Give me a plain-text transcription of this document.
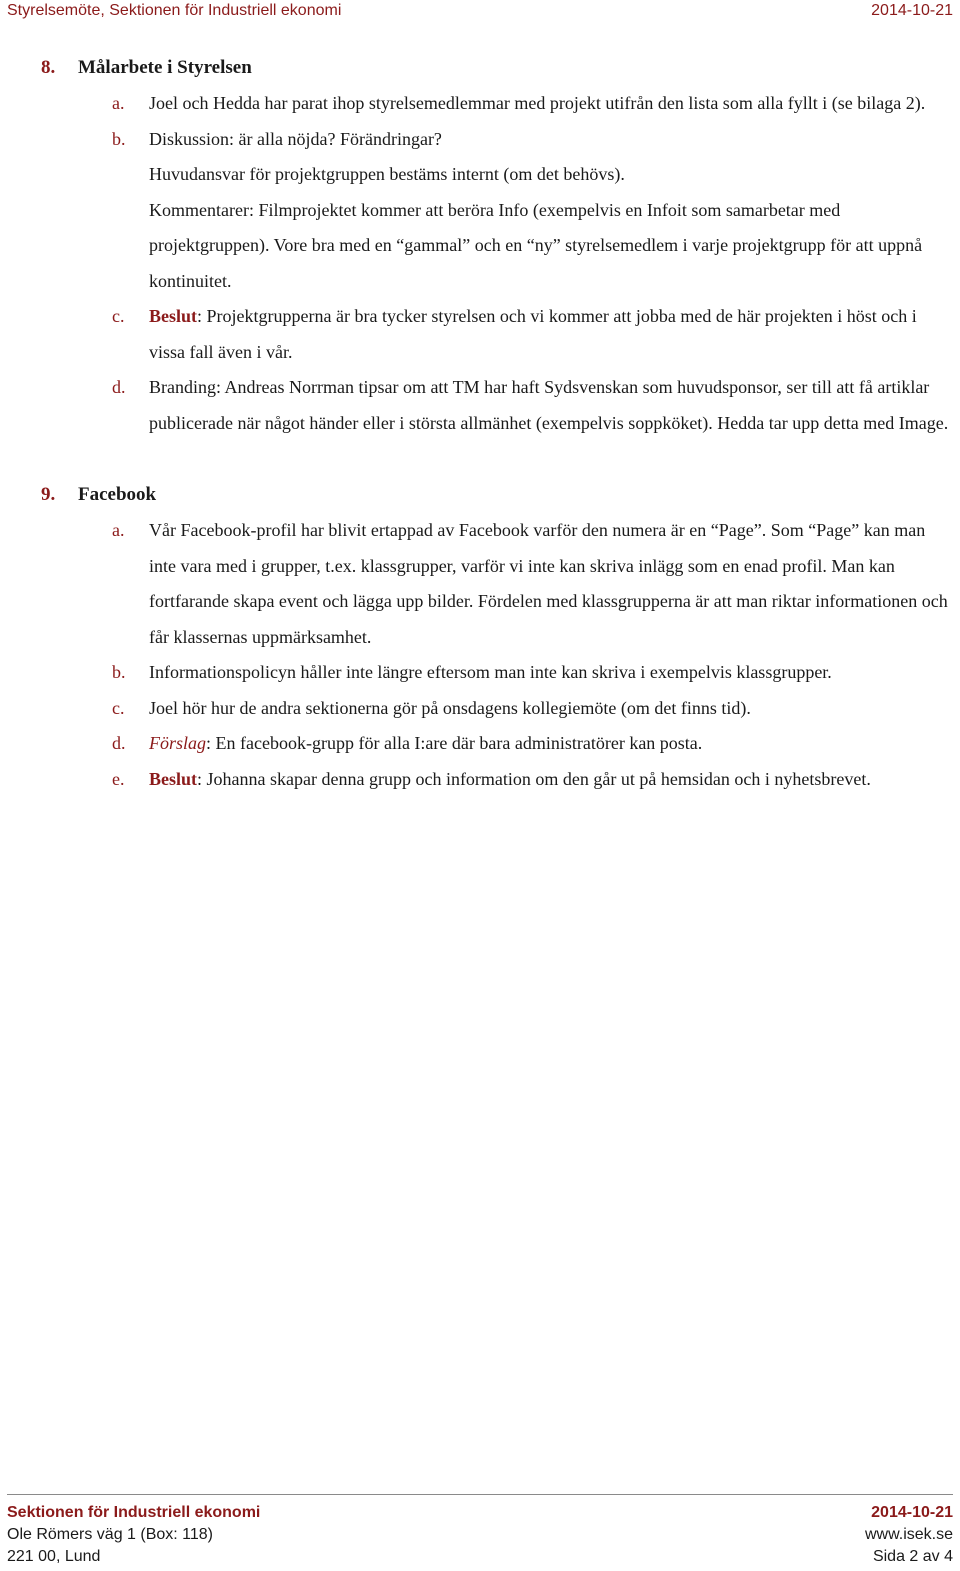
Styrelsemöte, Sektionen för Industriell ekonomi	2014-10-21
8. Målarbete i Styrelsen
a. Joel och Hedda har parat ihop styrelsemedlemmar med projekt utifrån den lista som alla fyllt i (se bilaga 2).

b. Diskussion: är alla nöjda? Förändringar?

Huvudansvar för projektgruppen bestäms internt (om det behövs).

Kommentarer: Filmprojektet kommer att beröra Info (exempelvis en Infoit som samarbetar med projektgruppen). Vore bra med en “gammal” och en “ny” styrelsemedlem i varje projektgrupp för att uppnå kontinuitet.

c. Beslut: Projektgrupperna är bra tycker styrelsen och vi kommer att jobba med de här projekten i höst och i vissa fall även i vår.

d. Branding: Andreas Norrman tipsar om att TM har haft Sydsvenskan som huvudsponsor, ser till att få artiklar publicerade när något händer eller i största allmänhet (exempelvis soppköket). Hedda tar upp detta med Image.

9. Facebook
a. Vår Facebook-profil har blivit ertappad av Facebook varför den numera är en “Page”. Som “Page” kan man inte vara med i grupper, t.ex. klassgrupper, varför vi inte kan skriva inlägg som en enad profil. Man kan fortfarande skapa event och lägga upp bilder. Fördelen med klassgrupperna är att man riktar informationen och får klassernas uppmärksamhet.

b. Informationspolicyn håller inte längre eftersom man inte kan skriva i exempelvis klassgrupper.

c. Joel hör hur de andra sektionerna gör på onsdagens kollegiemöte (om det finns tid).

d. Förslag: En facebook-grupp för alla I:are där bara administratörer kan posta.

e. Beslut: Johanna skapar denna grupp och information om den går ut på hemsidan och i nyhetsbrevet.

Sektionen för Industriell ekonomi	2014-10-21
Ole Römers väg 1 (Box: 118)	www.isek.se
221 00, Lund	Sida 2 av 4
